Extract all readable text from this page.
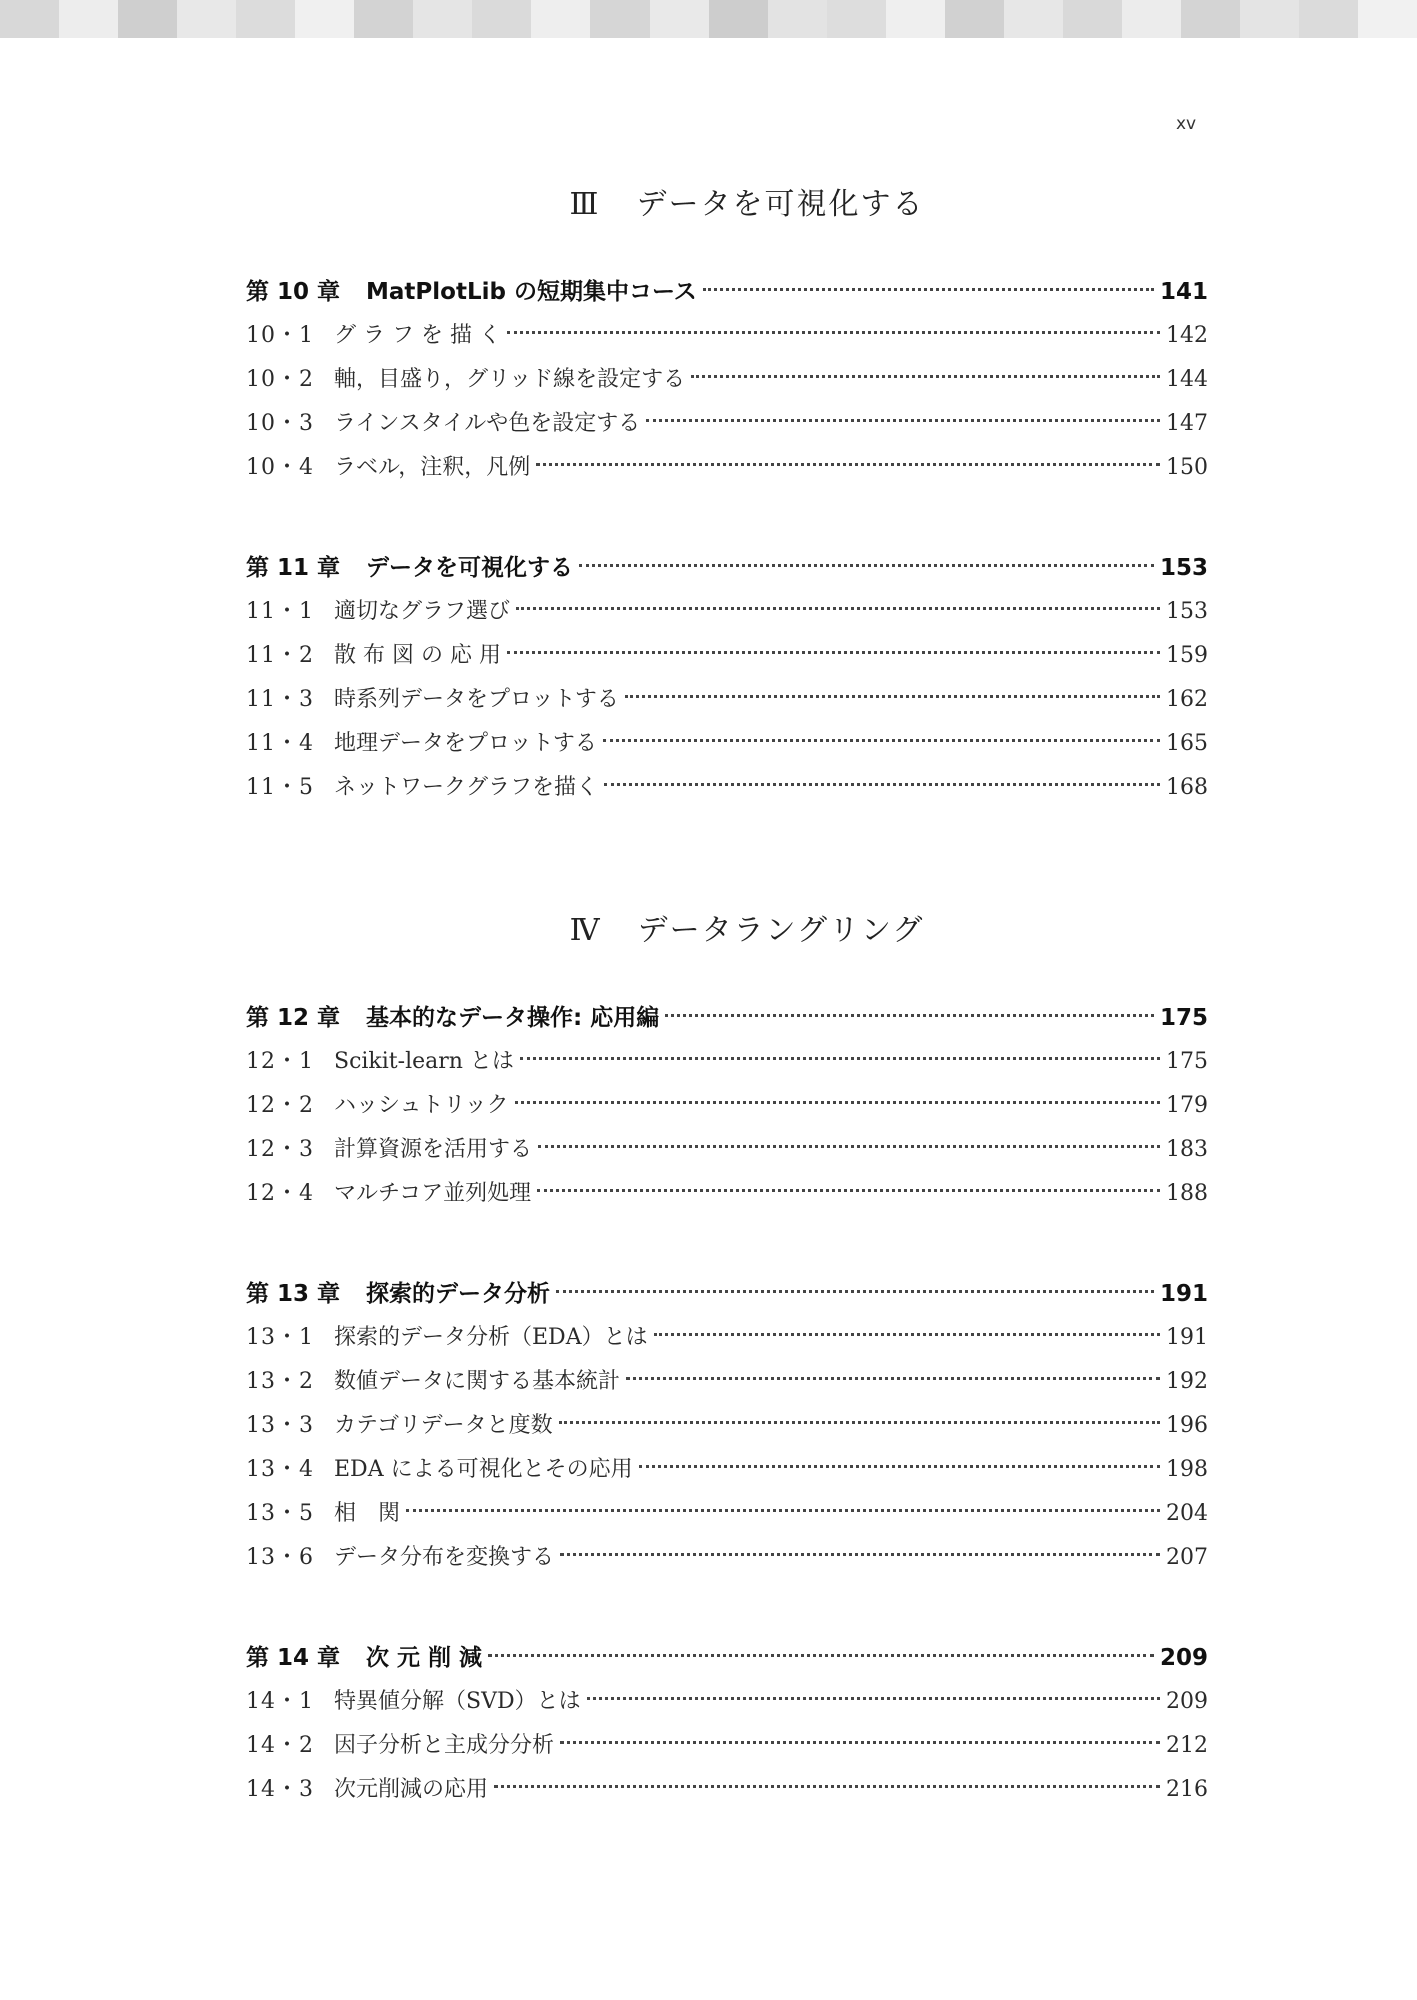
xv
Ⅲ データを可視化する
第 10 章	MatPlotLib の短期集中コース	141
10・1 グ ラ フ を 描 く	142
10・2 軸，目盛り，グリッド線を設定する	144
10・3 ラインスタイルや色を設定する	147
10・4 ラベル，注釈，凡例	150
第 11 章	データを可視化する	153
11・1 適切なグラフ選び	153
11・2 散 布 図 の 応 用	159
11・3 時系列データをプロットする	162
11・4 地理データをプロットする	165
11・5 ネットワークグラフを描く	168
Ⅳ データラングリング
第 12 章	基本的なデータ操作: 応用編	175
12・1 Scikit-learn とは	175
12・2 ハッシュトリック	179
12・3 計算資源を活用する	183
12・4 マルチコア並列処理	188
第 13 章	探索的データ分析	191
13・1 探索的データ分析（EDA）とは	191
13・2 数値データに関する基本統計	192
13・3 カテゴリデータと度数	196
13・4 EDA による可視化とその応用	198
13・5 相　関	204
13・6 データ分布を変換する	207
第 14 章	次 元 削 減	209
14・1 特異値分解（SVD）とは	209
14・2 因子分析と主成分分析	212
14・3 次元削減の応用	216
